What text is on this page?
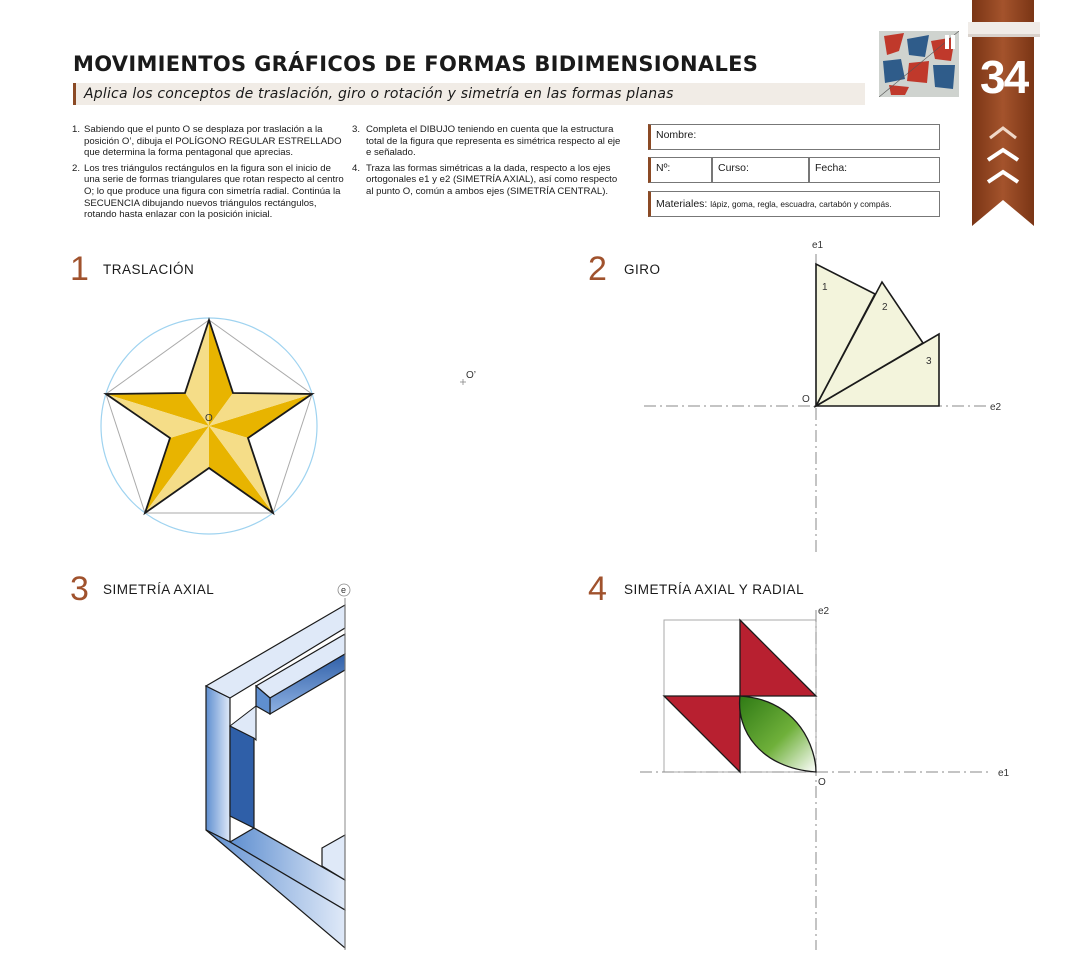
MOVIMIENTOS GRÁFICOS DE FORMAS BIDIMENSIONALES
Aplica los conceptos de traslación, giro o rotación y simetría en las formas planas	34
1. Sabiendo que el punto O se desplaza por traslación a la posición O’, dibuja el POLÍGONO REGULAR ESTRELLADO que determina la forma pentagonal que aprecias.
2. Los tres triángulos rectángulos en la figura son el inicio de una serie de formas triangulares que rotan respecto al centro O; lo que produce una figura con simetría radial. Continúa la SECUENCIA dibujando nuevos triángulos rectángulos, rotando hasta enlazar con la posición inicial.
3. Completa el DIBUJO teniendo en cuenta que la estructura total de la figura que representa es simétrica respecto al eje e señalado.
4. Traza las formas simétricas a la dada, respecto a los ejes ortogonales e1 y e2 (SIMETRÍA AXIAL), así como respecto al punto O, común a ambos ejes (SIMETRÍA CENTRAL).
Nombre:
Nº:	Curso:	Fecha:
Materiales: lápiz, goma, regla, escuadra, cartabón y compás.
1 TRASLACIÓN	2 GIRO
3 SIMETRÍA AXIAL	4 SIMETRÍA AXIAL Y RADIAL
O
O’
1
2
3
O
e1
e2
e
O
e2
e1
